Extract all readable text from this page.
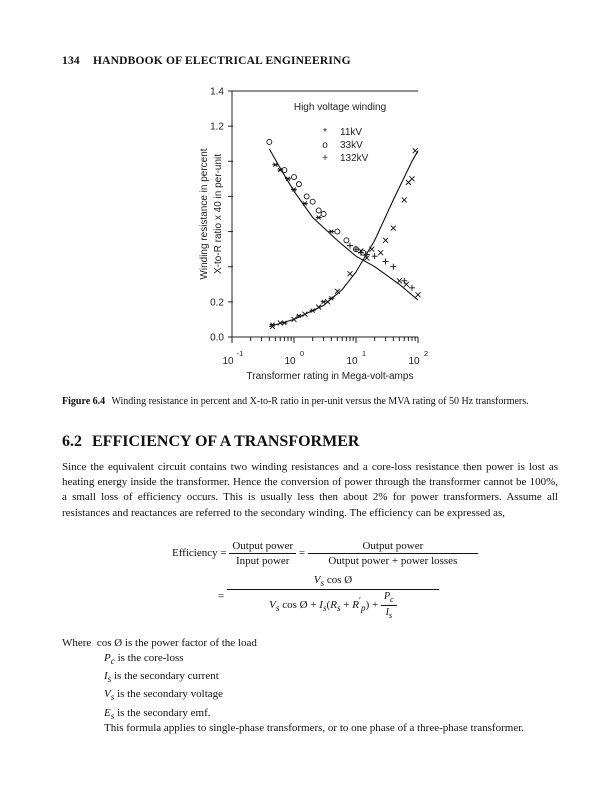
134 HANDBOOK OF ELECTRICAL ENGINEERING
1.4
1.2
0.2
0.0
10
-1
10
0
10
1
10
2
Transformer rating in Mega-volt-amps
Winding resistance in percent X-to-R ratio x 40 in per-unit
High voltage winding
* 11kV
o 33kV
+ 132kV
Figure 6.4 Winding resistance in percent and X-to-R ratio in per-unit versus the MVA rating of 50 Hz transformers.
6.2 EFFICIENCY OF A TRANSFORMER
Since the equivalent circuit contains two winding resistances and a core-loss resistance then power is lost as heating energy inside the transformer. Hence the conversion of power through the transformer cannot be 100%, a small loss of efficiency occurs. This is usually less then about 2% for power transformers. Assume all resistances and reactances are referred to the secondary winding. The efficiency can be expressed as,
Efficiency = $\frac{\text{Output power}}{\text{Input power}} = \frac{\text{Output power}}{\text{Output power + power losses}}$
= $\frac{V_s \cos Ø}{V_s \cos Ø + I_s(R_s + R'_p) + \frac{P_c}{I_s}}$
Where cos Ø is the power factor of the load
$P_c$ is the core-loss
$I_s$ is the secondary current
$V_s$ is the secondary voltage
$E_s$ is the secondary emf.
This formula applies to single-phase transformers, or to one phase of a three-phase transformer.
